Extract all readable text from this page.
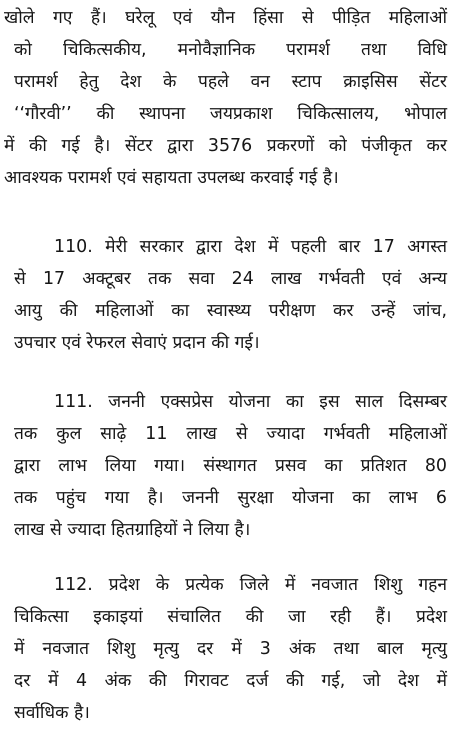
खोले गए हैं। घरेलू एवं यौन हिंसा से पीड़ित महिलाओं
को चिकित्सकीय, मनोवैज्ञानिक परामर्श तथा विधि
परामर्श हेतु देश के पहले वन स्टाप क्राइसिस सेंटर
‘‘गौरवी’’ की स्थापना जयप्रकाश चिकित्सालय, भोपाल
में की गई है। सेंटर द्वारा 3576 प्रकरणों को पंजीकृत कर
आवश्यक परामर्श एवं सहायता उपलब्ध करवाई गई है।
110. मेरी सरकार द्वारा देश में पहली बार 17 अगस्त
से 17 अक्टूबर तक सवा 24 लाख गर्भवती एवं अन्य
आयु की महिलाओं का स्वास्थ्य परीक्षण कर उन्हें जांच,
उपचार एवं रेफरल सेवाएं प्रदान की गई।
111. जननी एक्सप्रेस योजना का इस साल दिसम्बर
तक कुल साढ़े 11 लाख से ज्यादा गर्भवती महिलाओं
द्वारा लाभ लिया गया। संस्थागत प्रसव का प्रतिशत 80
तक पहुंच गया है। जननी सुरक्षा योजना का लाभ 6
लाख से ज्यादा हितग्राहियों ने लिया है।
112. प्रदेश के प्रत्येक जिले में नवजात शिशु गहन
चिकित्सा इकाइयां संचालित की जा रही हैं। प्रदेश
में नवजात शिशु मृत्यु दर में 3 अंक तथा बाल मृत्यु
दर में 4 अंक की गिरावट दर्ज की गई, जो देश में
सर्वाधिक है।
